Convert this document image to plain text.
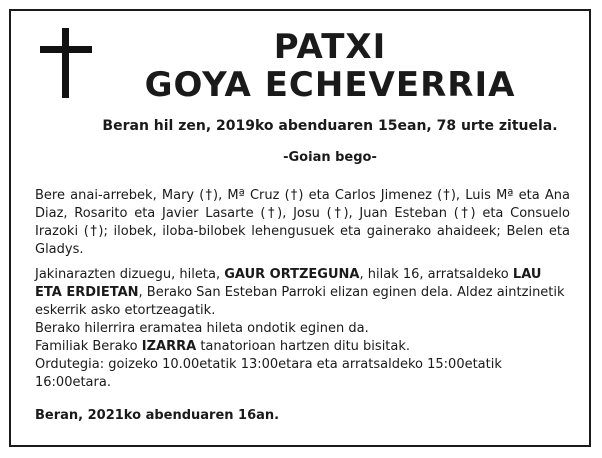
PATXI
GOYA ECHEVERRIA
Beran hil zen, 2019ko abenduaren 15ean, 78 urte zituela.
-Goian bego-
Bere anai-arrebek, Mary (†), Mª Cruz (†) eta Carlos Jimenez (†), Luis Mª eta Ana Diaz, Rosarito eta Javier Lasarte (†), Josu (†), Juan Esteban (†) eta Consuelo Irazoki (†); ilobek, iloba-bilobek lehengusuek eta gainerako ahaideek; Belen eta Gladys.
Jakinarazten dizuegu, hileta, GAUR ORTZEGUNA, hilak 16, arratsaldeko LAU ETA ERDIETAN, Berako San Esteban Parroki elizan eginen dela. Aldez aintzinetik eskerrik asko etortzeagatik.
Berako hilerrira eramatea hileta ondotik eginen da.
Familiak Berako IZARRA tanatorioan hartzen ditu bisitak.
Ordutegia: goizeko 10.00etatik 13:00etara eta arratsaldeko 15:00etatik 16:00etara.
Beran, 2021ko abenduaren 16an.
